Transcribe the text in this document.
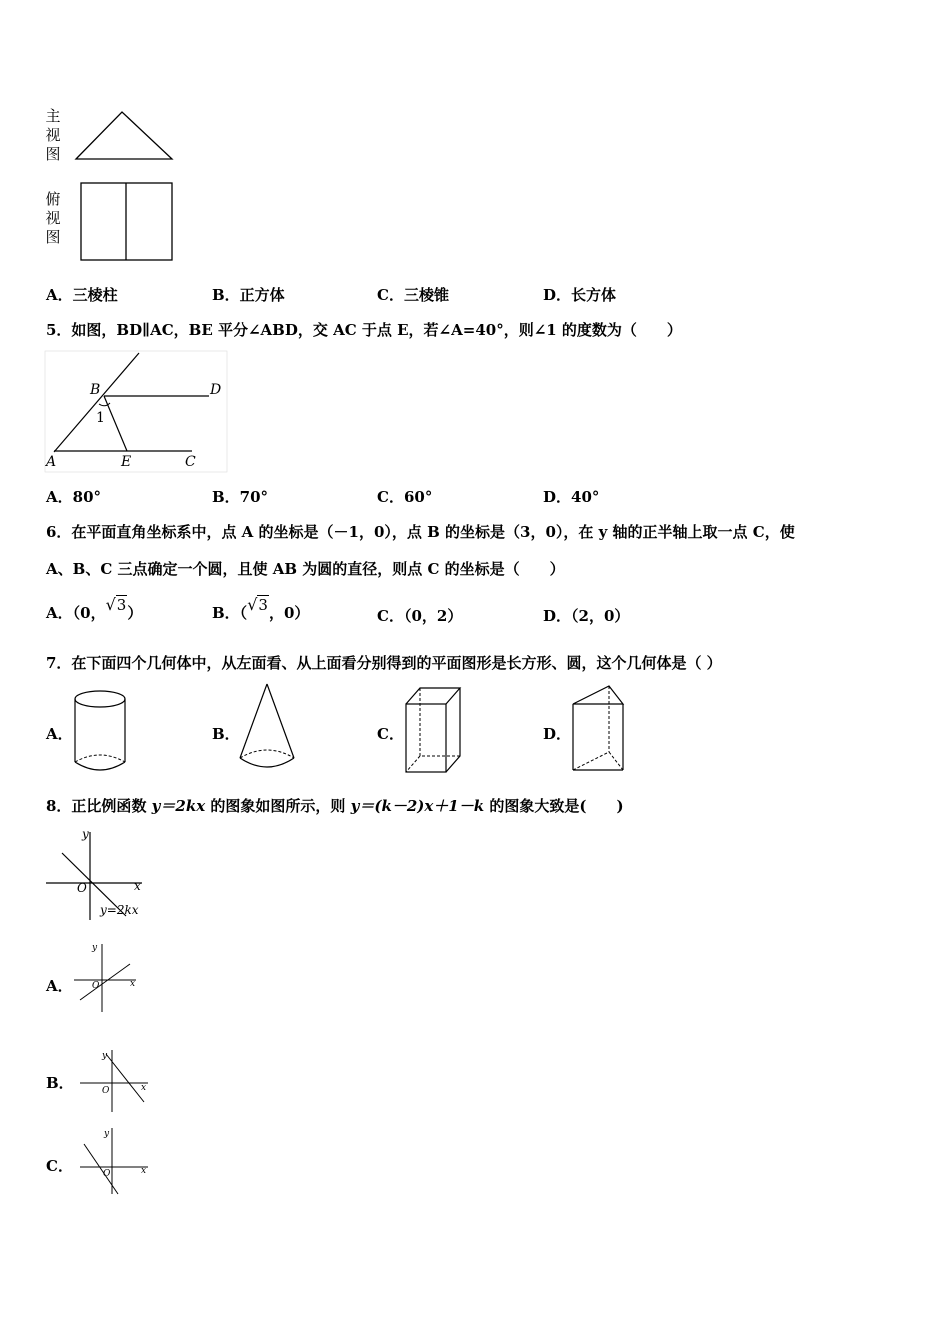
主
视
图
俯
视
图
A．三棱柱	B．正方体	C．三棱锥	D．长方体
5．如图，BD∥AC，BE 平分∠ABD，交 AC 于点 E，若∠A=40°，则∠1 的度数为（　　）
B	D
1
A	E	C
A．80°	B．70°	C．60°	D．40°
6．在平面直角坐标系中，点 A 的坐标是（－1，0），点 B 的坐标是（3，0），在 y 轴的正半轴上取一点 C，使
A、B、C 三点确定一个圆，且使 AB 为圆的直径，则点 C 的坐标是（　　）
A．（0，√3）	B．（√3，0）	C．（0，2）	D．（2，0）
7．在下面四个几何体中，从左面看、从上面看分别得到的平面图形是长方形、圆，这个几何体是（ ）
A．	B．	C．	D．
8．正比例函数 y＝2kx 的图象如图所示，则 y＝(k－2)x＋1－k 的图象大致是(　　)
y
x
O
y=2kx
A．
y
x
O
B．
y
x
O
C．
y
x
O
